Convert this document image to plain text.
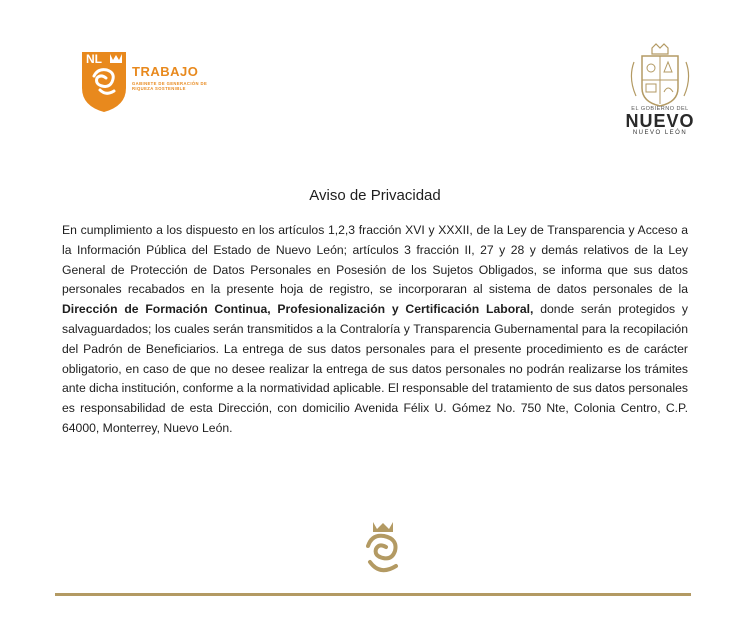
NL
TRABAJO
GABINETE DE GENERACIÓN DE RIQUEZA SOSTENIBLE
EL GOBIERNO DEL
NUEVO
NUEVO LEÓN
Aviso de Privacidad
En cumplimiento a los dispuesto en los artículos 1,2,3 fracción XVI y XXXII, de la Ley de Transparencia y Acceso a la Información Pública del Estado de Nuevo León; artículos 3 fracción II, 27 y 28 y demás relativos de la Ley General de Protección de Datos Personales en Posesión de los Sujetos Obligados, se informa que sus datos personales recabados en la presente hoja de registro, se incorporaran al sistema de datos personales de la Dirección de Formación Continua, Profesionalización y Certificación Laboral, donde serán protegidos y salvaguardados; los cuales serán transmitidos a la Contraloría y Transparencia Gubernamental para la recopilación del Padrón de Beneficiarios. La entrega de sus datos personales para el presente procedimiento es de carácter obligatorio, en caso de que no desee realizar la entrega de sus datos personales no podrán realizarse los trámites ante dicha institución, conforme a la normatividad aplicable. El responsable del tratamiento de sus datos personales es responsabilidad de esta Dirección, con domicilio Avenida Félix U. Gómez No. 750 Nte, Colonia Centro, C.P. 64000, Monterrey, Nuevo León.
